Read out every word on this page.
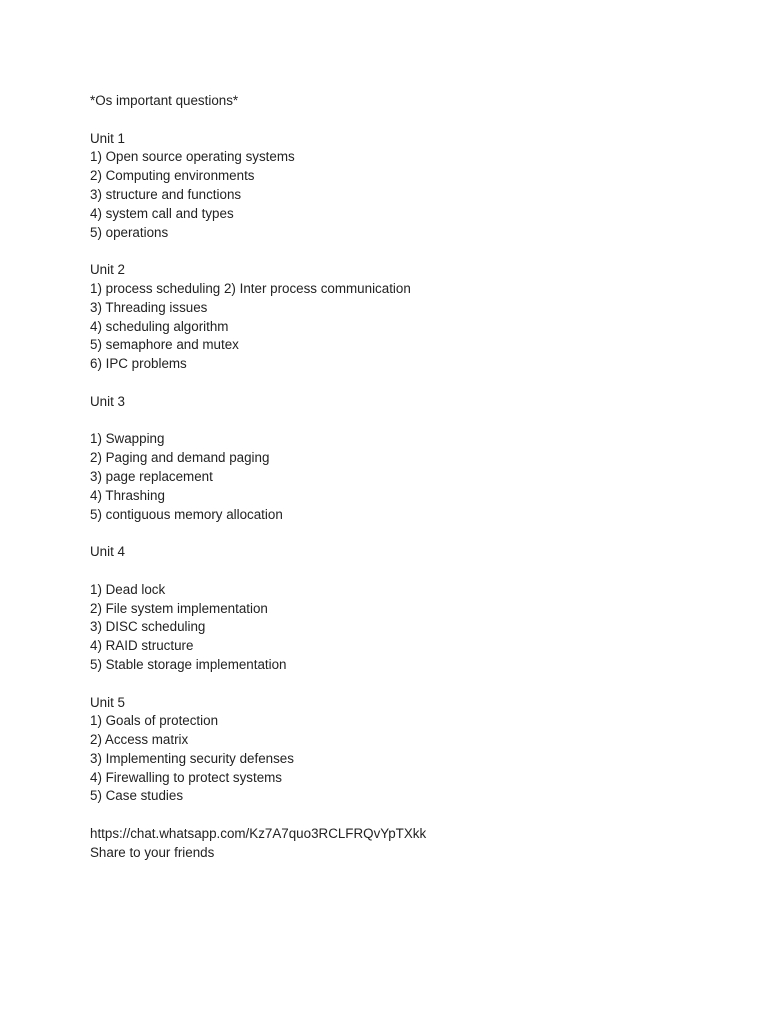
*Os important questions*
Unit 1
1) Open source operating systems
2) Computing environments
3) structure and functions
4) system call and types
5) operations
Unit 2
1) process scheduling 2) Inter process communication
3) Threading issues
4) scheduling algorithm
5) semaphore and mutex
6) IPC problems
Unit 3
1) Swapping
2) Paging and demand paging
3) page replacement
4) Thrashing
5) contiguous memory allocation
Unit 4
1) Dead lock
2) File system implementation
3) DISC scheduling
4) RAID structure
5) Stable storage implementation
Unit 5
1) Goals of protection
2) Access matrix
3) Implementing security defenses
4) Firewalling to protect systems
5) Case studies
https://chat.whatsapp.com/Kz7A7quo3RCLFRQvYpTXkk
Share to your friends
